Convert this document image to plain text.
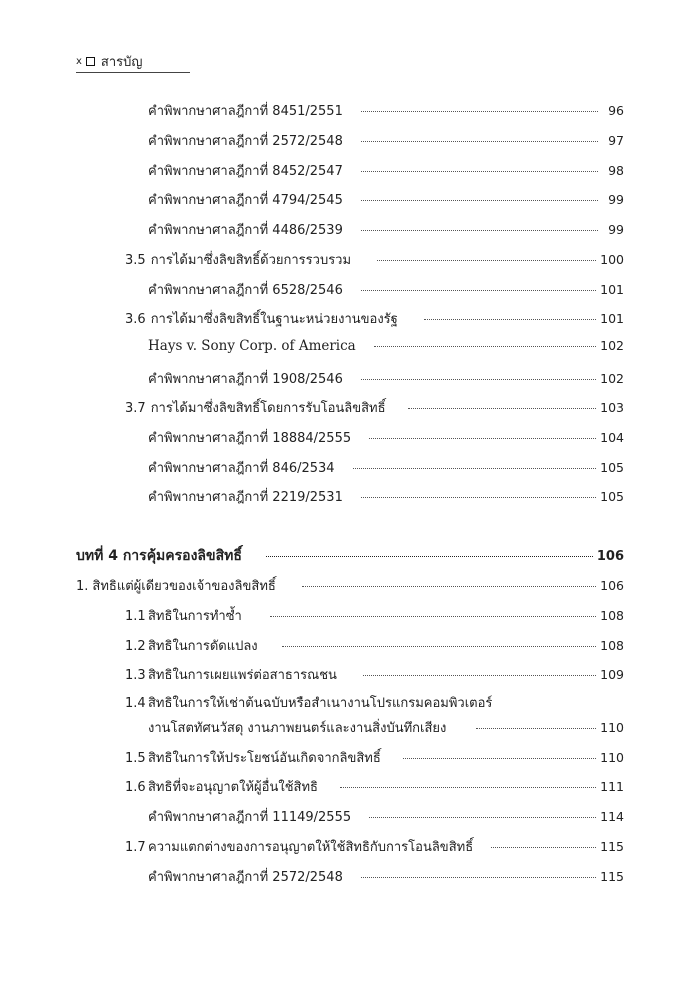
x สารบัญ
คำพิพากษาศาลฎีกาที่ 8451/2551	96
คำพิพากษาศาลฎีกาที่ 2572/2548	97
คำพิพากษาศาลฎีกาที่ 8452/2547	98
คำพิพากษาศาลฎีกาที่ 4794/2545	99
คำพิพากษาศาลฎีกาที่ 4486/2539	99
3.5 การได้มาซึ่งลิขสิทธิ์ด้วยการรวบรวม	100
คำพิพากษาศาลฎีกาที่ 6528/2546	101
3.6 การได้มาซึ่งลิขสิทธิ์ในฐานะหน่วยงานของรัฐ	101
Hays v. Sony Corp. of America	102
คำพิพากษาศาลฎีกาที่ 1908/2546	102
3.7 การได้มาซึ่งลิขสิทธิ์โดยการรับโอนลิขสิทธิ์	103
คำพิพากษาศาลฎีกาที่ 18884/2555	104
คำพิพากษาศาลฎีกาที่ 846/2534	105
คำพิพากษาศาลฎีกาที่ 2219/2531	105
บทที่ 4 การคุ้มครองลิขสิทธิ์	106
1. สิทธิแต่ผู้เดียวของเจ้าของลิขสิทธิ์	106
1.1 สิทธิในการทำซ้ำ	108
1.2 สิทธิในการดัดแปลง	108
1.3 สิทธิในการเผยแพร่ต่อสาธารณชน	109
1.4 สิทธิในการให้เช่าต้นฉบับหรือสำเนางานโปรแกรมคอมพิวเตอร์
งานโสตทัศนวัสดุ งานภาพยนตร์และงานสิ่งบันทึกเสียง	110
1.5 สิทธิในการให้ประโยชน์อันเกิดจากลิขสิทธิ์	110
1.6 สิทธิที่จะอนุญาตให้ผู้อื่นใช้สิทธิ	111
คำพิพากษาศาลฎีกาที่ 11149/2555	114
1.7 ความแตกต่างของการอนุญาตให้ใช้สิทธิกับการโอนลิขสิทธิ์	115
คำพิพากษาศาลฎีกาที่ 2572/2548	115
